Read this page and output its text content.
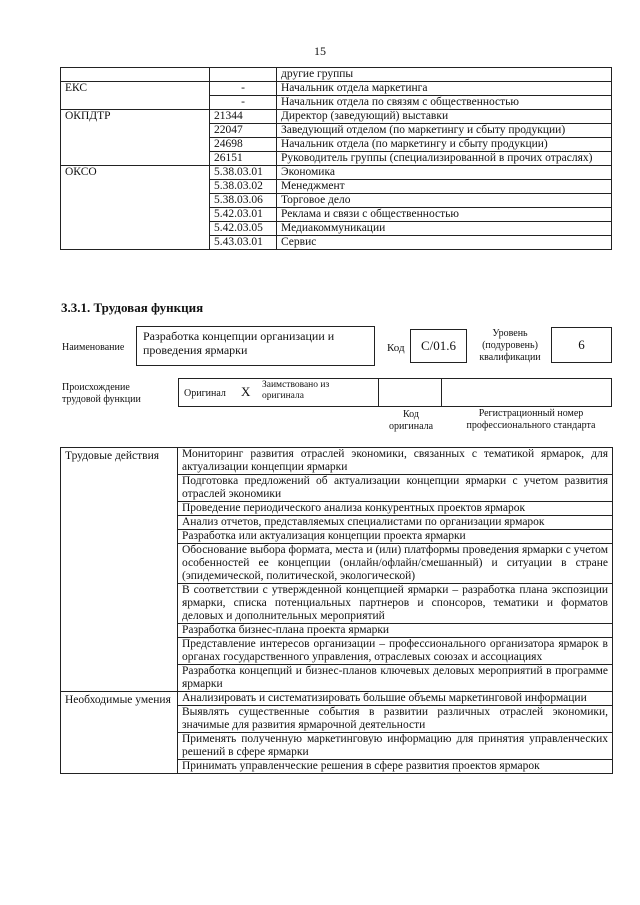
15
		другие группы
ЕКС	-	Начальник отдела маркетинга
	-	Начальник отдела по связям с общественностью
ОКПДТР	21344	Директор (заведующий) выставки
	22047	Заведующий отделом (по маркетингу и сбыту продукции)
	24698	Начальник отдела (по маркетингу и сбыту продукции)
	26151	Руководитель группы (специализированной в прочих отраслях)
ОКСО	5.38.03.01	Экономика
	5.38.03.02	Менеджмент
	5.38.03.06	Торговое дело
	5.42.03.01	Реклама и связи с общественностью
	5.42.03.05	Медиакоммуникации
	5.43.03.01	Сервис
3.3.1. Трудовая функция
Наименование
Разработка концепции организации и проведения ярмарки	Код	C/01.6
Уровень (подуровень) квалификации
6
Происхождение трудовой функции
Оригинал X Заимствовано из оригинала
Код оригинала
Регистрационный номер профессионального стандарта
Трудовые действия	Мониторинг развития отраслей экономики, связанных с тематикой ярмарок, для актуализации концепции ярмарки
	Подготовка предложений об актуализации концепции ярмарки с учетом развития отраслей экономики
	Проведение периодического анализа конкурентных проектов ярмарок
	Анализ отчетов, представляемых специалистами по организации ярмарок
	Разработка или актуализация концепции проекта ярмарки
	Обоснование выбора формата, места и (или) платформы проведения ярмарки с учетом особенностей ее концепции (онлайн/офлайн/смешанный) и ситуации в стране (эпидемической, политической, экологической)
	В соответствии с утвержденной концепцией ярмарки – разработка плана экспозиции ярмарки, списка потенциальных партнеров и спонсоров, тематики и форматов деловых и дополнительных мероприятий
	Разработка бизнес-плана проекта ярмарки
	Представление интересов организации – профессионального организатора ярмарок в органах государственного управления, отраслевых союзах и ассоциациях
	Разработка концепций и бизнес-планов ключевых деловых мероприятий в программе ярмарки
Необходимые умения	Анализировать и систематизировать большие объемы маркетинговой информации
	Выявлять существенные события в развитии различных отраслей экономики, значимые для развития ярмарочной деятельности
	Применять полученную маркетинговую информацию для принятия управленческих решений в сфере ярмарки
	Принимать управленческие решения в сфере развития проектов ярмарок
